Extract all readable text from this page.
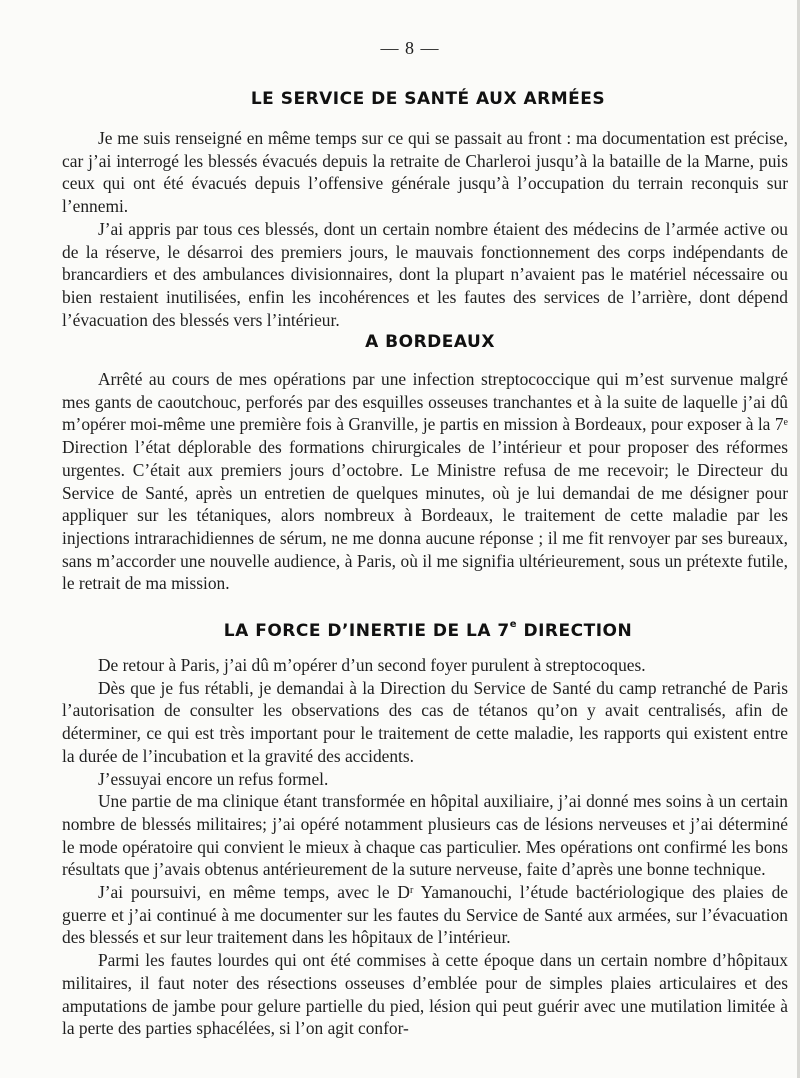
— 8 —
LE SERVICE DE SANTÉ AUX ARMÉES

Je me suis renseigné en même temps sur ce qui se passait au front : ma documentation est précise, car j’ai interrogé les blessés évacués depuis la retraite de Charleroi jusqu’à la bataille de la Marne, puis ceux qui ont été évacués depuis l’offensive générale jusqu’à l’occupation du terrain reconquis sur l’ennemi.

J’ai appris par tous ces blessés, dont un certain nombre étaient des médecins de l’armée active ou de la réserve, le désarroi des premiers jours, le mauvais fonctionnement des corps indépendants de brancardiers et des ambulances divisionnaires, dont la plupart n’avaient pas le matériel nécessaire ou bien restaient inutilisées, enfin les incohérences et les fautes des services de l’arrière, dont dépend l’évacuation des blessés vers l’intérieur.

A BORDEAUX

Arrêté au cours de mes opérations par une infection streptococcique qui m’est survenue malgré mes gants de caoutchouc, perforés par des esquilles osseuses tranchantes et à la suite de laquelle j’ai dû m’opérer moi-même une première fois à Granville, je partis en mission à Bordeaux, pour exposer à la 7e Direction l’état déplorable des formations chirurgicales de l’intérieur et pour proposer des réformes urgentes. C’était aux premiers jours d’octobre. Le Ministre refusa de me recevoir; le Directeur du Service de Santé, après un entretien de quelques minutes, où je lui demandai de me désigner pour appliquer sur les tétaniques, alors nombreux à Bordeaux, le traitement de cette maladie par les injections intrarachidiennes de sérum, ne me donna aucune réponse ; il me fit renvoyer par ses bureaux, sans m’accorder une nouvelle audience, à Paris, où il me signifia ultérieurement, sous un prétexte futile, le retrait de ma mission.

LA FORCE D’INERTIE DE LA 7e DIRECTION

De retour à Paris, j’ai dû m’opérer d’un second foyer purulent à streptocoques.

Dès que je fus rétabli, je demandai à la Direction du Service de Santé du camp retranché de Paris l’autorisation de consulter les observations des cas de tétanos qu’on y avait centralisés, afin de déterminer, ce qui est très important pour le traitement de cette maladie, les rapports qui existent entre la durée de l’incubation et la gravité des accidents.

J’essuyai encore un refus formel.

Une partie de ma clinique étant transformée en hôpital auxiliaire, j’ai donné mes soins à un certain nombre de blessés militaires; j’ai opéré notamment plusieurs cas de lésions nerveuses et j’ai déterminé le mode opératoire qui convient le mieux à chaque cas particulier. Mes opérations ont confirmé les bons résultats que j’avais obtenus antérieurement de la suture nerveuse, faite d’après une bonne technique.

J’ai poursuivi, en même temps, avec le $D^r$ Yamanouchi, l’étude bactériologique des plaies de guerre et j’ai continué à me documenter sur les fautes du Service de Santé aux armées, sur l’évacuation des blessés et sur leur traitement dans les hôpitaux de l’intérieur.

Parmi les fautes lourdes qui ont été commises à cette époque dans un certain nombre d’hôpitaux militaires, il faut noter des résections osseuses d’emblée pour de simples plaies articulaires et des amputations de jambe pour gelure partielle du pied, lésion qui peut guérir avec une mutilation limitée à la perte des parties sphacélées, si l’on agit confor-
